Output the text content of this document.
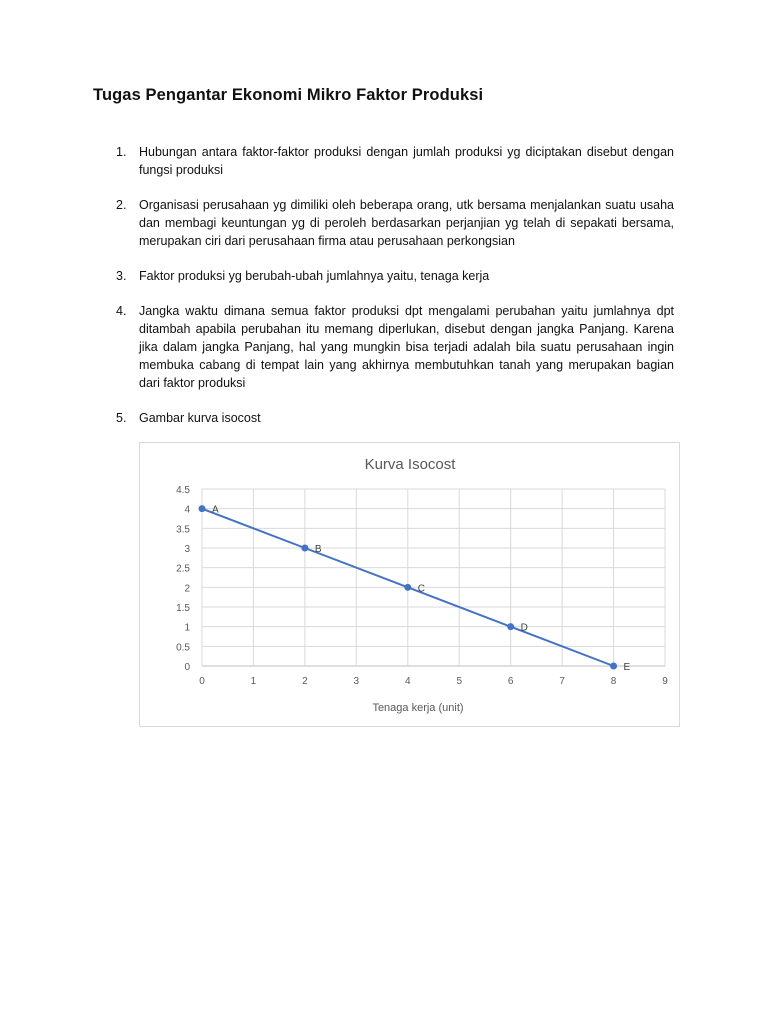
Tugas Pengantar Ekonomi Mikro Faktor Produksi
1. Hubungan antara faktor-faktor produksi dengan jumlah produksi yg diciptakan disebut dengan fungsi produksi
2. Organisasi perusahaan yg dimiliki oleh beberapa orang, utk bersama menjalankan suatu usaha dan membagi keuntungan yg di peroleh berdasarkan perjanjian yg telah di sepakati bersama, merupakan ciri dari perusahaan firma atau perusahaan perkongsian
3. Faktor produksi yg berubah-ubah jumlahnya yaitu, tenaga kerja
4. Jangka waktu dimana semua faktor produksi dpt mengalami perubahan yaitu jumlahnya dpt ditambah apabila perubahan itu memang diperlukan, disebut dengan jangka Panjang. Karena jika dalam jangka Panjang, hal yang mungkin bisa terjadi adalah bila suatu perusahaan ingin membuka cabang di tempat lain yang akhirnya membutuhkan tanah yang merupakan bagian dari faktor produksi
5. Gambar kurva isocost
Kurva Isocost
0
0.5
1
1.5
2
2.5
3
3.5
4
4.5
0	1	2	3	4	5	6	7	8	9
A
B
C
D
E
Tenaga kerja (unit)
